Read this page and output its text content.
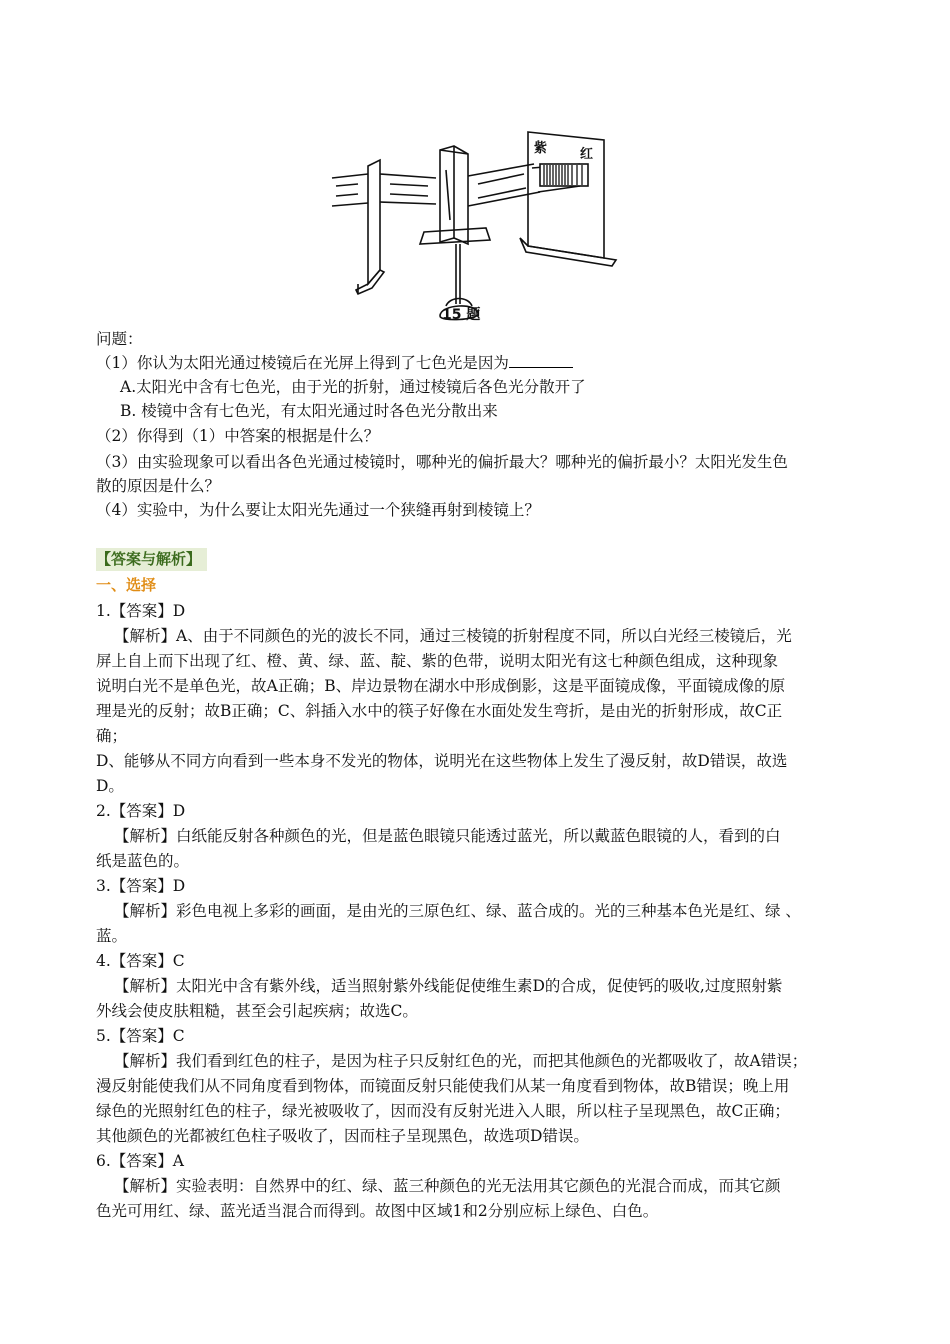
紫	红
15 题
问题：
（1）你认为太阳光通过棱镜后在光屏上得到了七色光是因为
A.太阳光中含有七色光，由于光的折射，通过棱镜后各色光分散开了
B. 棱镜中含有七色光，有太阳光通过时各色光分散出来
（2）你得到（1）中答案的根据是什么？
（3）由实验现象可以看出各色光通过棱镜时，哪种光的偏折最大？哪种光的偏折最小？太阳光发生色
散的原因是什么？
（4）实验中，为什么要让太阳光先通过一个狭缝再射到棱镜上？
【答案与解析】
一、选择
1.【答案】D
【解析】A、由于不同颜色的光的波长不同，通过三棱镜的折射程度不同，所以白光经三棱镜后，光
屏上自上而下出现了红、橙、黄、绿、蓝、靛、紫的色带，说明太阳光有这七种颜色组成，这种现象
说明白光不是单色光，故A正确；B、岸边景物在湖水中形成倒影，这是平面镜成像，平面镜成像的原
理是光的反射；故B正确；C、斜插入水中的筷子好像在水面处发生弯折，是由光的折射形成，故C正
确；
D、能够从不同方向看到一些本身不发光的物体，说明光在这些物体上发生了漫反射，故D错误，故选
D。
2.【答案】D
【解析】白纸能反射各种颜色的光，但是蓝色眼镜只能透过蓝光，所以戴蓝色眼镜的人，看到的白
纸是蓝色的。
3.【答案】D
【解析】彩色电视上多彩的画面，是由光的三原色红、绿、蓝合成的。光的三种基本色光是红、绿 、
蓝。
4.【答案】C
【解析】太阳光中含有紫外线，适当照射紫外线能促使维生素D的合成，促使钙的吸收,过度照射紫
外线会使皮肤粗糙，甚至会引起疾病；故选C。
5.【答案】C
【解析】我们看到红色的柱子，是因为柱子只反射红色的光，而把其他颜色的光都吸收了，故A错误；
漫反射能使我们从不同角度看到物体，而镜面反射只能使我们从某一角度看到物体，故B错误；晚上用
绿色的光照射红色的柱子，绿光被吸收了，因而没有反射光进入人眼，所以柱子呈现黑色，故C正确；
其他颜色的光都被红色柱子吸收了，因而柱子呈现黑色，故选项D错误。
6.【答案】A
【解析】实验表明：自然界中的红、绿、蓝三种颜色的光无法用其它颜色的光混合而成，而其它颜
色光可用红、绿、蓝光适当混合而得到。故图中区域1和2分别应标上绿色、白色。
